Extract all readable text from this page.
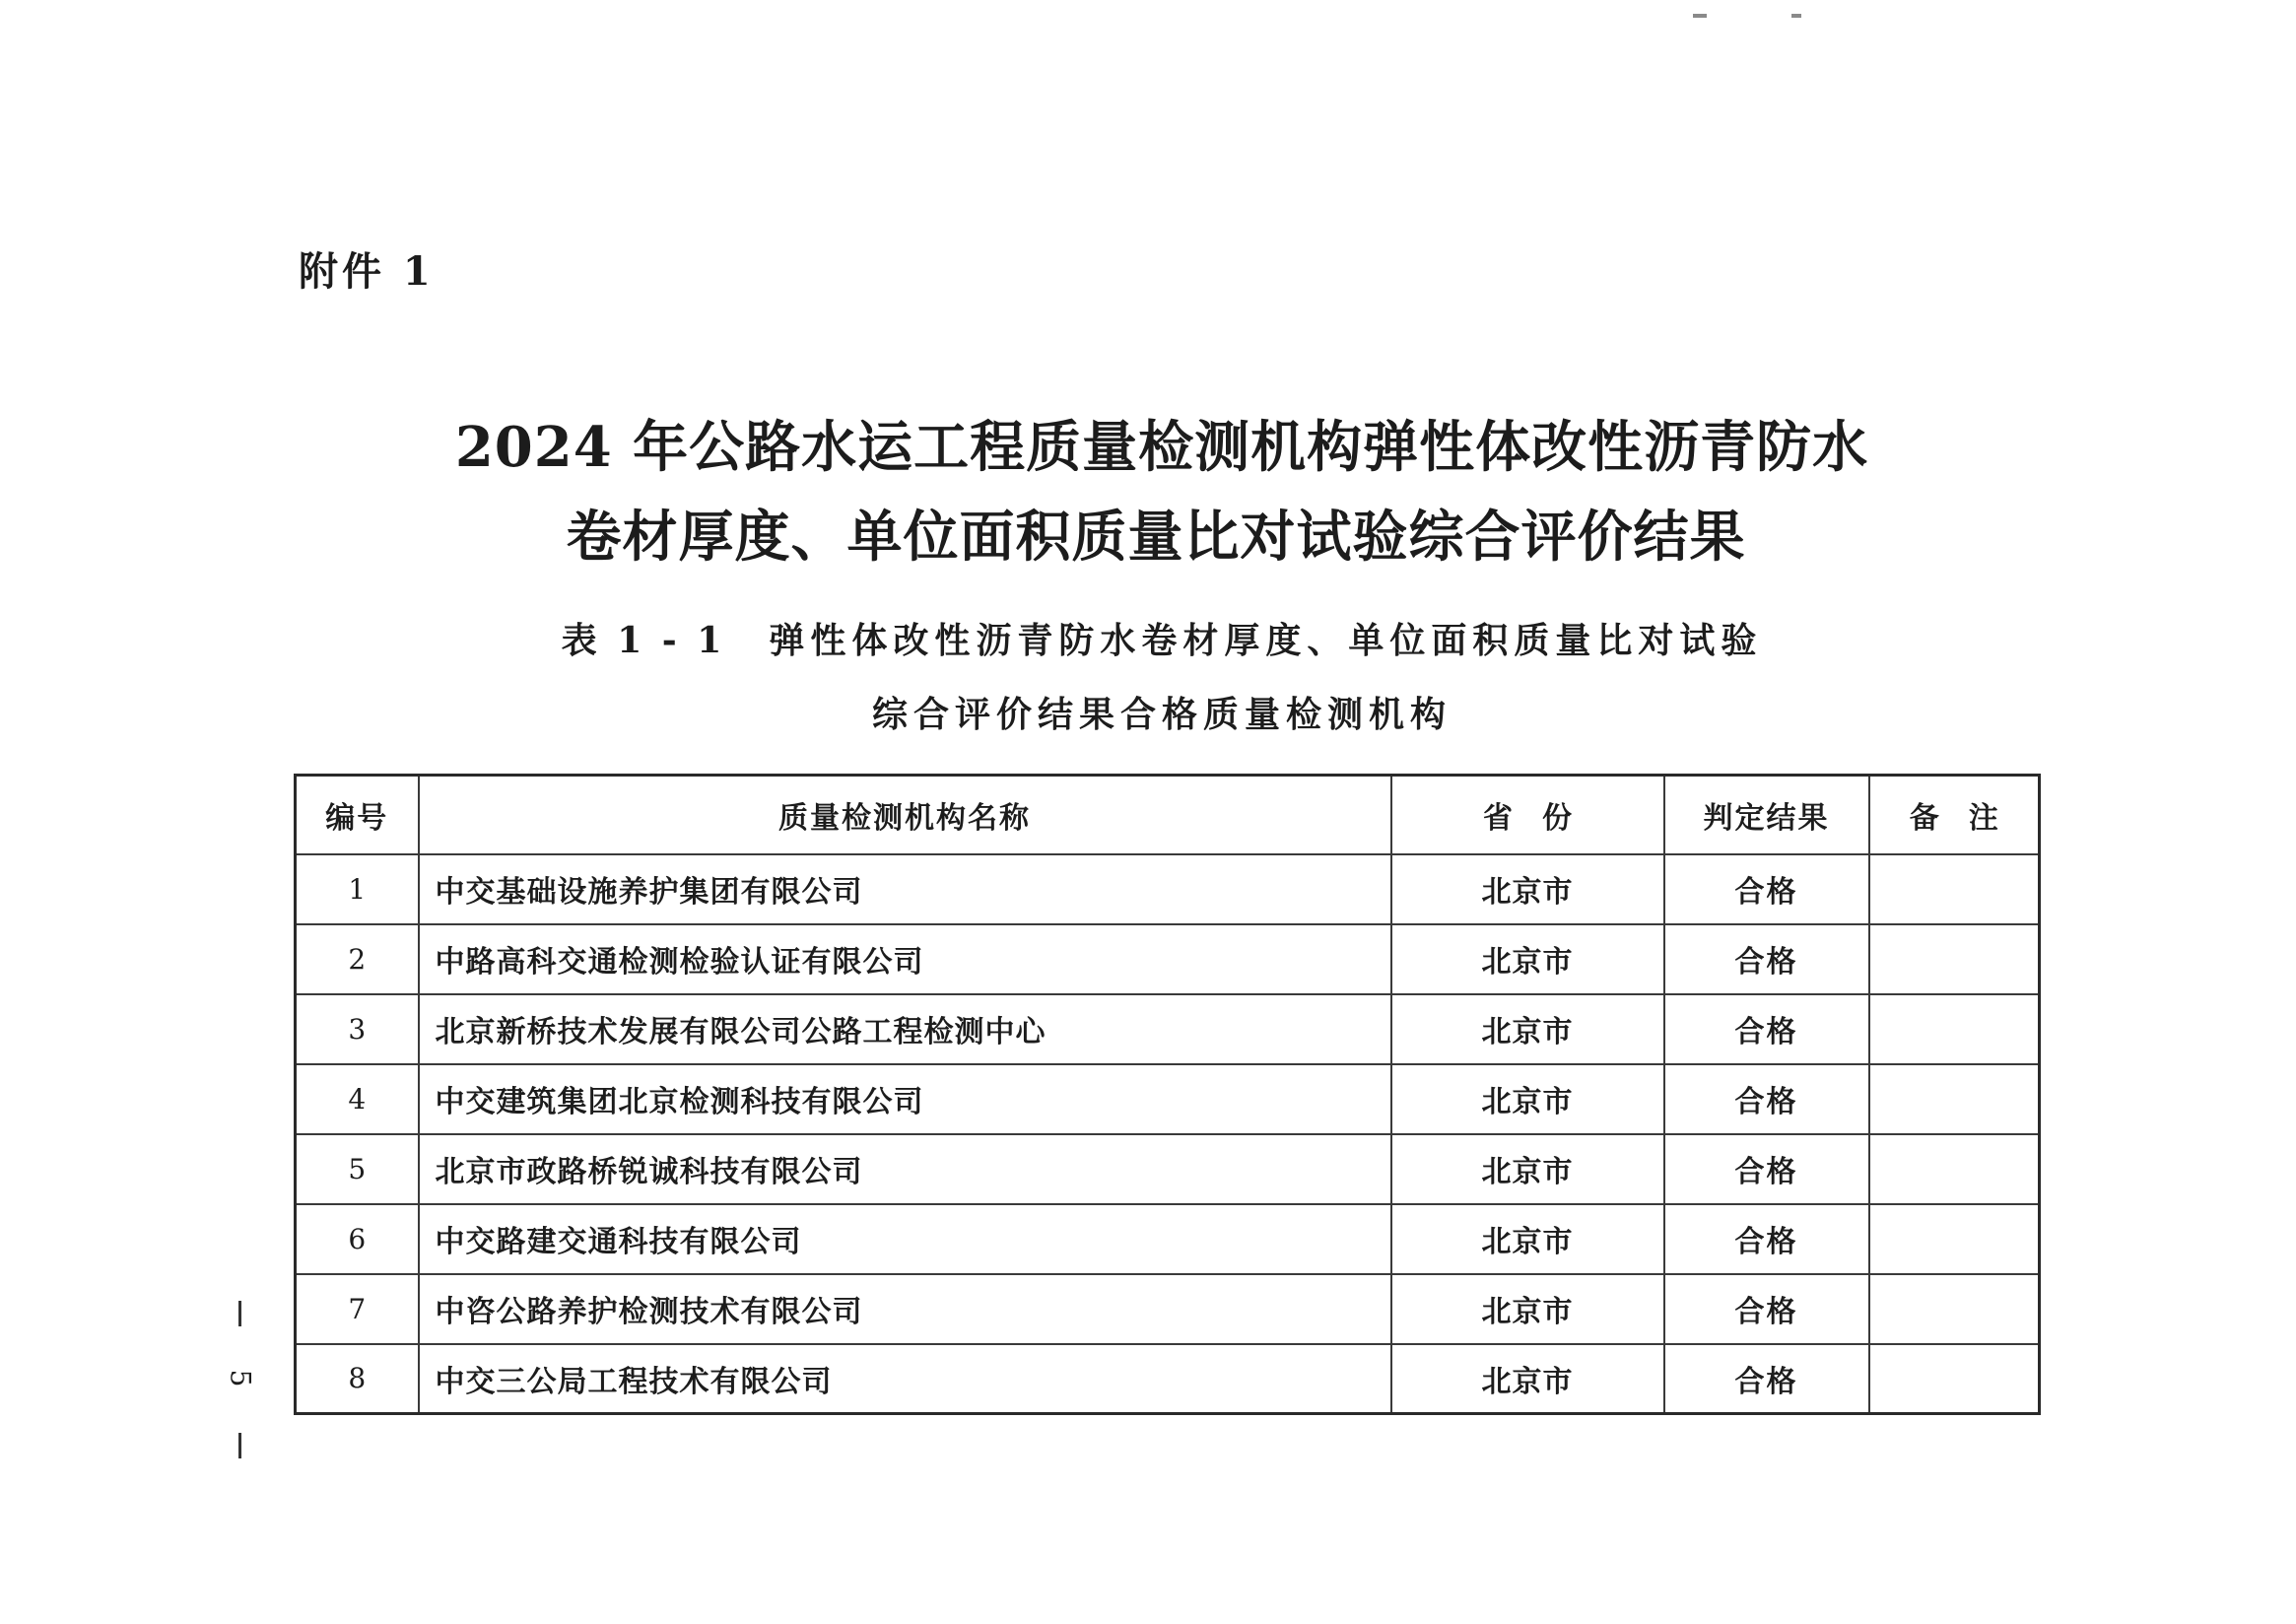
附件 1
2024 年公路水运工程质量检测机构弹性体改性沥青防水
卷材厚度、单位面积质量比对试验综合评价结果
表 1 - 1 弹性体改性沥青防水卷材厚度、单位面积质量比对试验
综合评价结果合格质量检测机构
编号	质量检测机构名称	省份	判定结果	备注
1	中交基础设施养护集团有限公司	北京市	合格	
2	中路高科交通检测检验认证有限公司	北京市	合格	
3	北京新桥技术发展有限公司公路工程检测中心	北京市	合格	
4	中交建筑集团北京检测科技有限公司	北京市	合格	
5	北京市政路桥锐诚科技有限公司	北京市	合格	
6	中交路建交通科技有限公司	北京市	合格	
7	中咨公路养护检测技术有限公司	北京市	合格	
8	中交三公局工程技术有限公司	北京市	合格	
5
